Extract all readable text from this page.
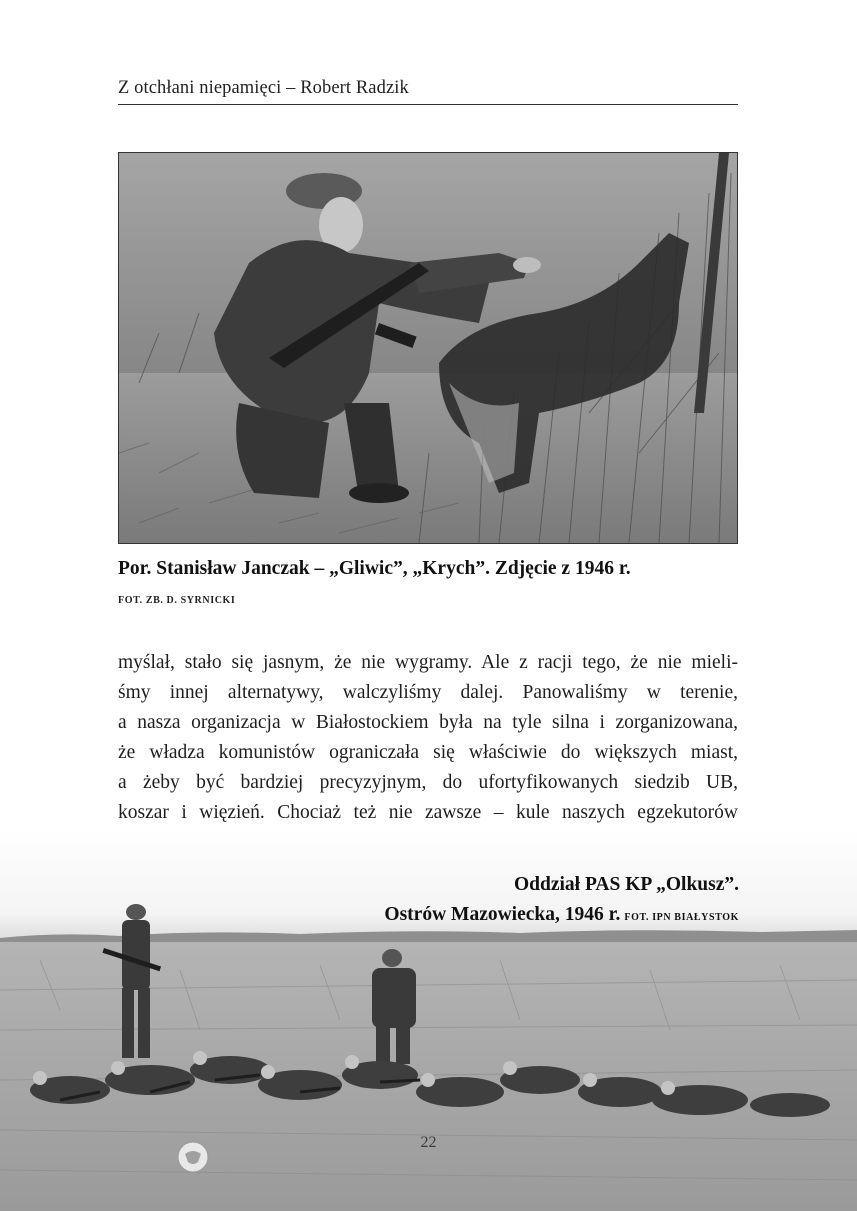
Z otchłani niepamięci – Robert Radzik
Por. Stanisław Janczak – „Gliwic”, „Krych”. Zdjęcie z 1946 r.
FOT. ZB. D. SYRNICKI

myślał, stało się jasnym, że nie wygramy. Ale z racji tego, że nie mieli-

śmy innej alternatywy, walczyliśmy dalej. Panowaliśmy w terenie,

a nasza organizacja w Białostockiem była na tyle silna i zorganizowana,

że władza komunistów ograniczała się właściwie do większych miast,

a żeby być bardziej precyzyjnym, do ufortyfikowanych siedzib UB,

koszar i więzień. Chociaż też nie zawsze – kule naszych egzekutorów

Oddział PAS KP „Olkusz”.
Ostrów Mazowiecka, 1946 r. FOT. IPN BIAŁYSTOK
22
